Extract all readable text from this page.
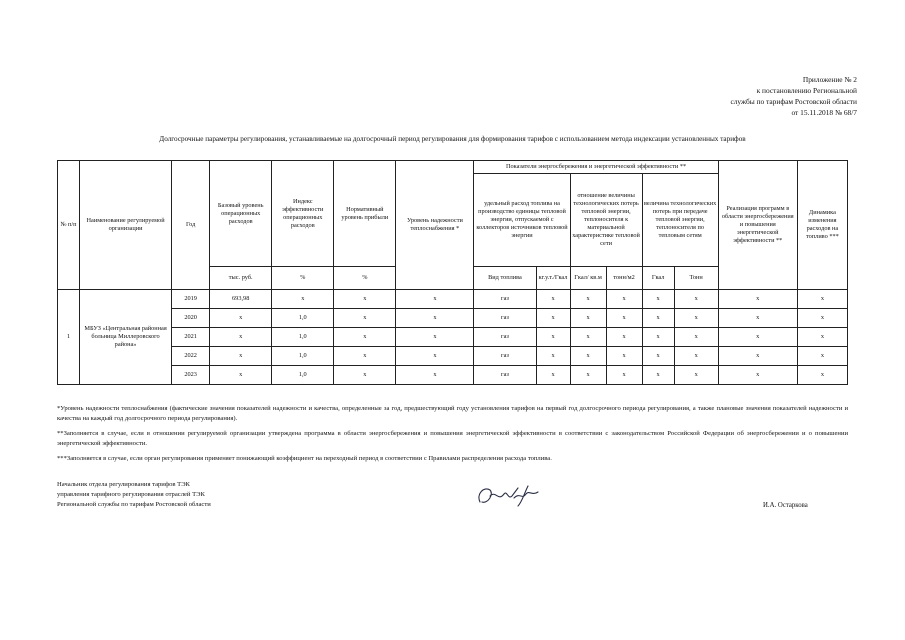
Приложение № 2
к постановлению Региональной
службы по тарифам Ростовской области
от 15.11.2018 № 68/7
Долгосрочные параметры регулирования, устанавливаемые на долгосрочный период регулирования для формирования тарифов с использованием метода индексации установленных тарифов
№ п/п	Наименование регулируемой организации	Год	Базовый уровень операционных расходов	Индекс эффективности операционных расходов	Нормативный уровень прибыли	Уровень надежности теплоснабжения *	Показатели энергосбережения и энергетической эффективности **						Реализация программ в области энергосбережения и повышения энергетической эффективности **	Динамика изменения расходов на топливо ***
							удельный расход топлива на производство единицы тепловой энергии, отпускаемой с коллекторов источников тепловой энергии		отношение величины технологических потерь тепловой энергии, теплоносителя к материальной характеристике тепловой сети		величина технологических потерь при передаче тепловой энергии, теплоносителя по тепловым сетям			
			тыс. руб.	%	%		Вид топлива	кг.у.т./Гкал	Гкал/ кв.м	тонн/м2	Гкал	Тонн		
1	МБУЗ «Центральная районная больница Миллеровского района»	2019	693,98	х	х	х	газ	х	х	х	х	х	х	х
		2020	х	1,0	х	х	газ	х	х	х	х	х	х	х
		2021	х	1,0	х	х	газ	х	х	х	х	х	х	х
		2022	х	1,0	х	х	газ	х	х	х	х	х	х	х
		2023	х	1,0	х	х	газ	х	х	х	х	х	х	х

*Уровень надежности теплоснабжения (фактические значения показателей надежности и качества, определенные за год, предшествующий году установления тарифов на первый год долгосрочного периода регулирования, а также плановые значения показателей надежности и качества на каждый год долгосрочного периода регулирования).

**Заполняется в случае, если в отношении регулируемой организации утверждена программа в области энергосбережения и повышения энергетической эффективности в соответствии с законодательством Российской Федерации об энергосбережении и о повышении энергетической эффективности.

***Заполняется в случае, если орган регулирования применяет понижающий коэффициент на переходный период в соответствии с Правилами распределения расхода топлива.

Начальник отдела регулирования тарифов ТЭК
управления тарифного регулирования отраслей ТЭК
Региональной службы по тарифам Ростовской области	И.А. Остаркова
